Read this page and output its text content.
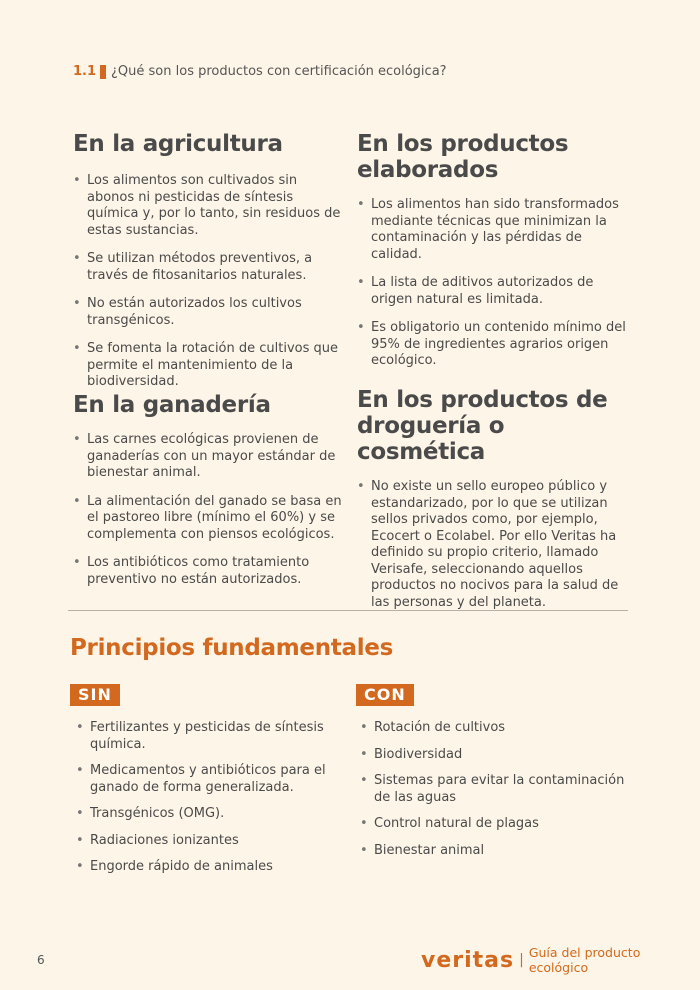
1.1 ¿Qué son los productos con certificación ecológica?
En la agricultura
• Los alimentos son cultivados sin abonos ni pesticidas de síntesis química y, por lo tanto, sin residuos de estas sustancias.
• Se utilizan métodos preventivos, a través de fitosanitarios naturales.
• No están autorizados los cultivos transgénicos.
• Se fomenta la rotación de cultivos que permite el mantenimiento de la biodiversidad.
En la ganadería
• Las carnes ecológicas provienen de ganaderías con un mayor estándar de bienestar animal.
• La alimentación del ganado se basa en el pastoreo libre (mínimo el 60%) y se complementa con piensos ecológicos.
• Los antibióticos como tratamiento preventivo no están autorizados.
En los productos
elaborados
• Los alimentos han sido transformados mediante técnicas que minimizan la contaminación y las pérdidas de calidad.
• La lista de aditivos autorizados de origen natural es limitada.
• Es obligatorio un contenido mínimo del 95% de ingredientes agrarios origen ecológico.
En los productos de
droguería o cosmética
• No existe un sello europeo público y estandarizado, por lo que se utilizan sellos privados como, por ejemplo, Ecocert o Ecolabel. Por ello Veritas ha definido su propio criterio, llamado Verisafe, seleccionando aquellos productos no nocivos para la salud de las personas y del planeta.
Principios fundamentales
SIN	CON
• Fertilizantes y pesticidas de síntesis química.
• Medicamentos y antibióticos para el ganado de forma generalizada.
• Transgénicos (OMG).
• Radiaciones ionizantes
• Engorde rápido de animales
• Rotación de cultivos
• Biodiversidad
• Sistemas para evitar la contaminación de las aguas
• Control natural de plagas
• Bienestar animal
6	veritas | Guía del producto ecológico
